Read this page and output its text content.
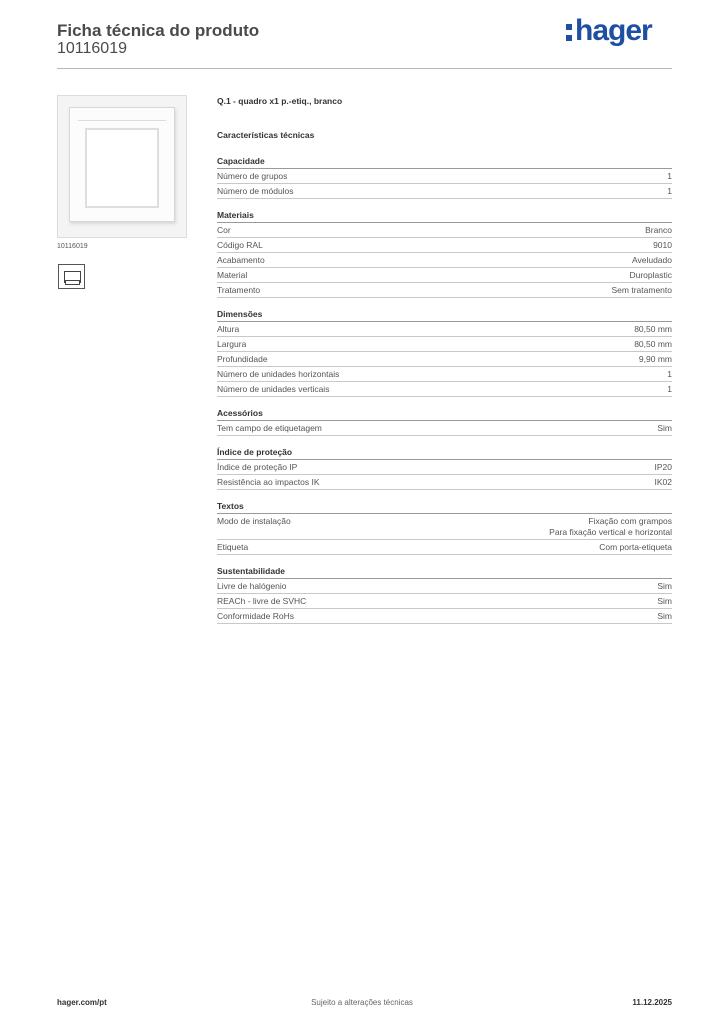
Ficha técnica do produto
10116019
hager
10116019
Q.1 - quadro x1 p.-etiq., branco
Características técnicas
Capacidade
Número de grupos	1
Número de módulos	1
Materiais
Cor	Branco
Código RAL	9010
Acabamento	Aveludado
Material	Duroplastic
Tratamento	Sem tratamento
Dimensões
Altura	80,50 mm
Largura	80,50 mm
Profundidade	9,90 mm
Número de unidades horizontais	1
Número de unidades verticais	1
Acessórios
Tem campo de etiquetagem	Sim
Índice de proteção
Índice de proteção IP	IP20
Resistência ao impactos IK	IK02
Textos
Modo de instalação	Fixação com grampos
Para fixação vertical e horizontal
Etiqueta	Com porta-etiqueta
Sustentabilidade
Livre de halógenio	Sim
REACh - livre de SVHC	Sim
Conformidade RoHs	Sim
hager.com/pt	Sujeito a alterações técnicas	11.12.2025
